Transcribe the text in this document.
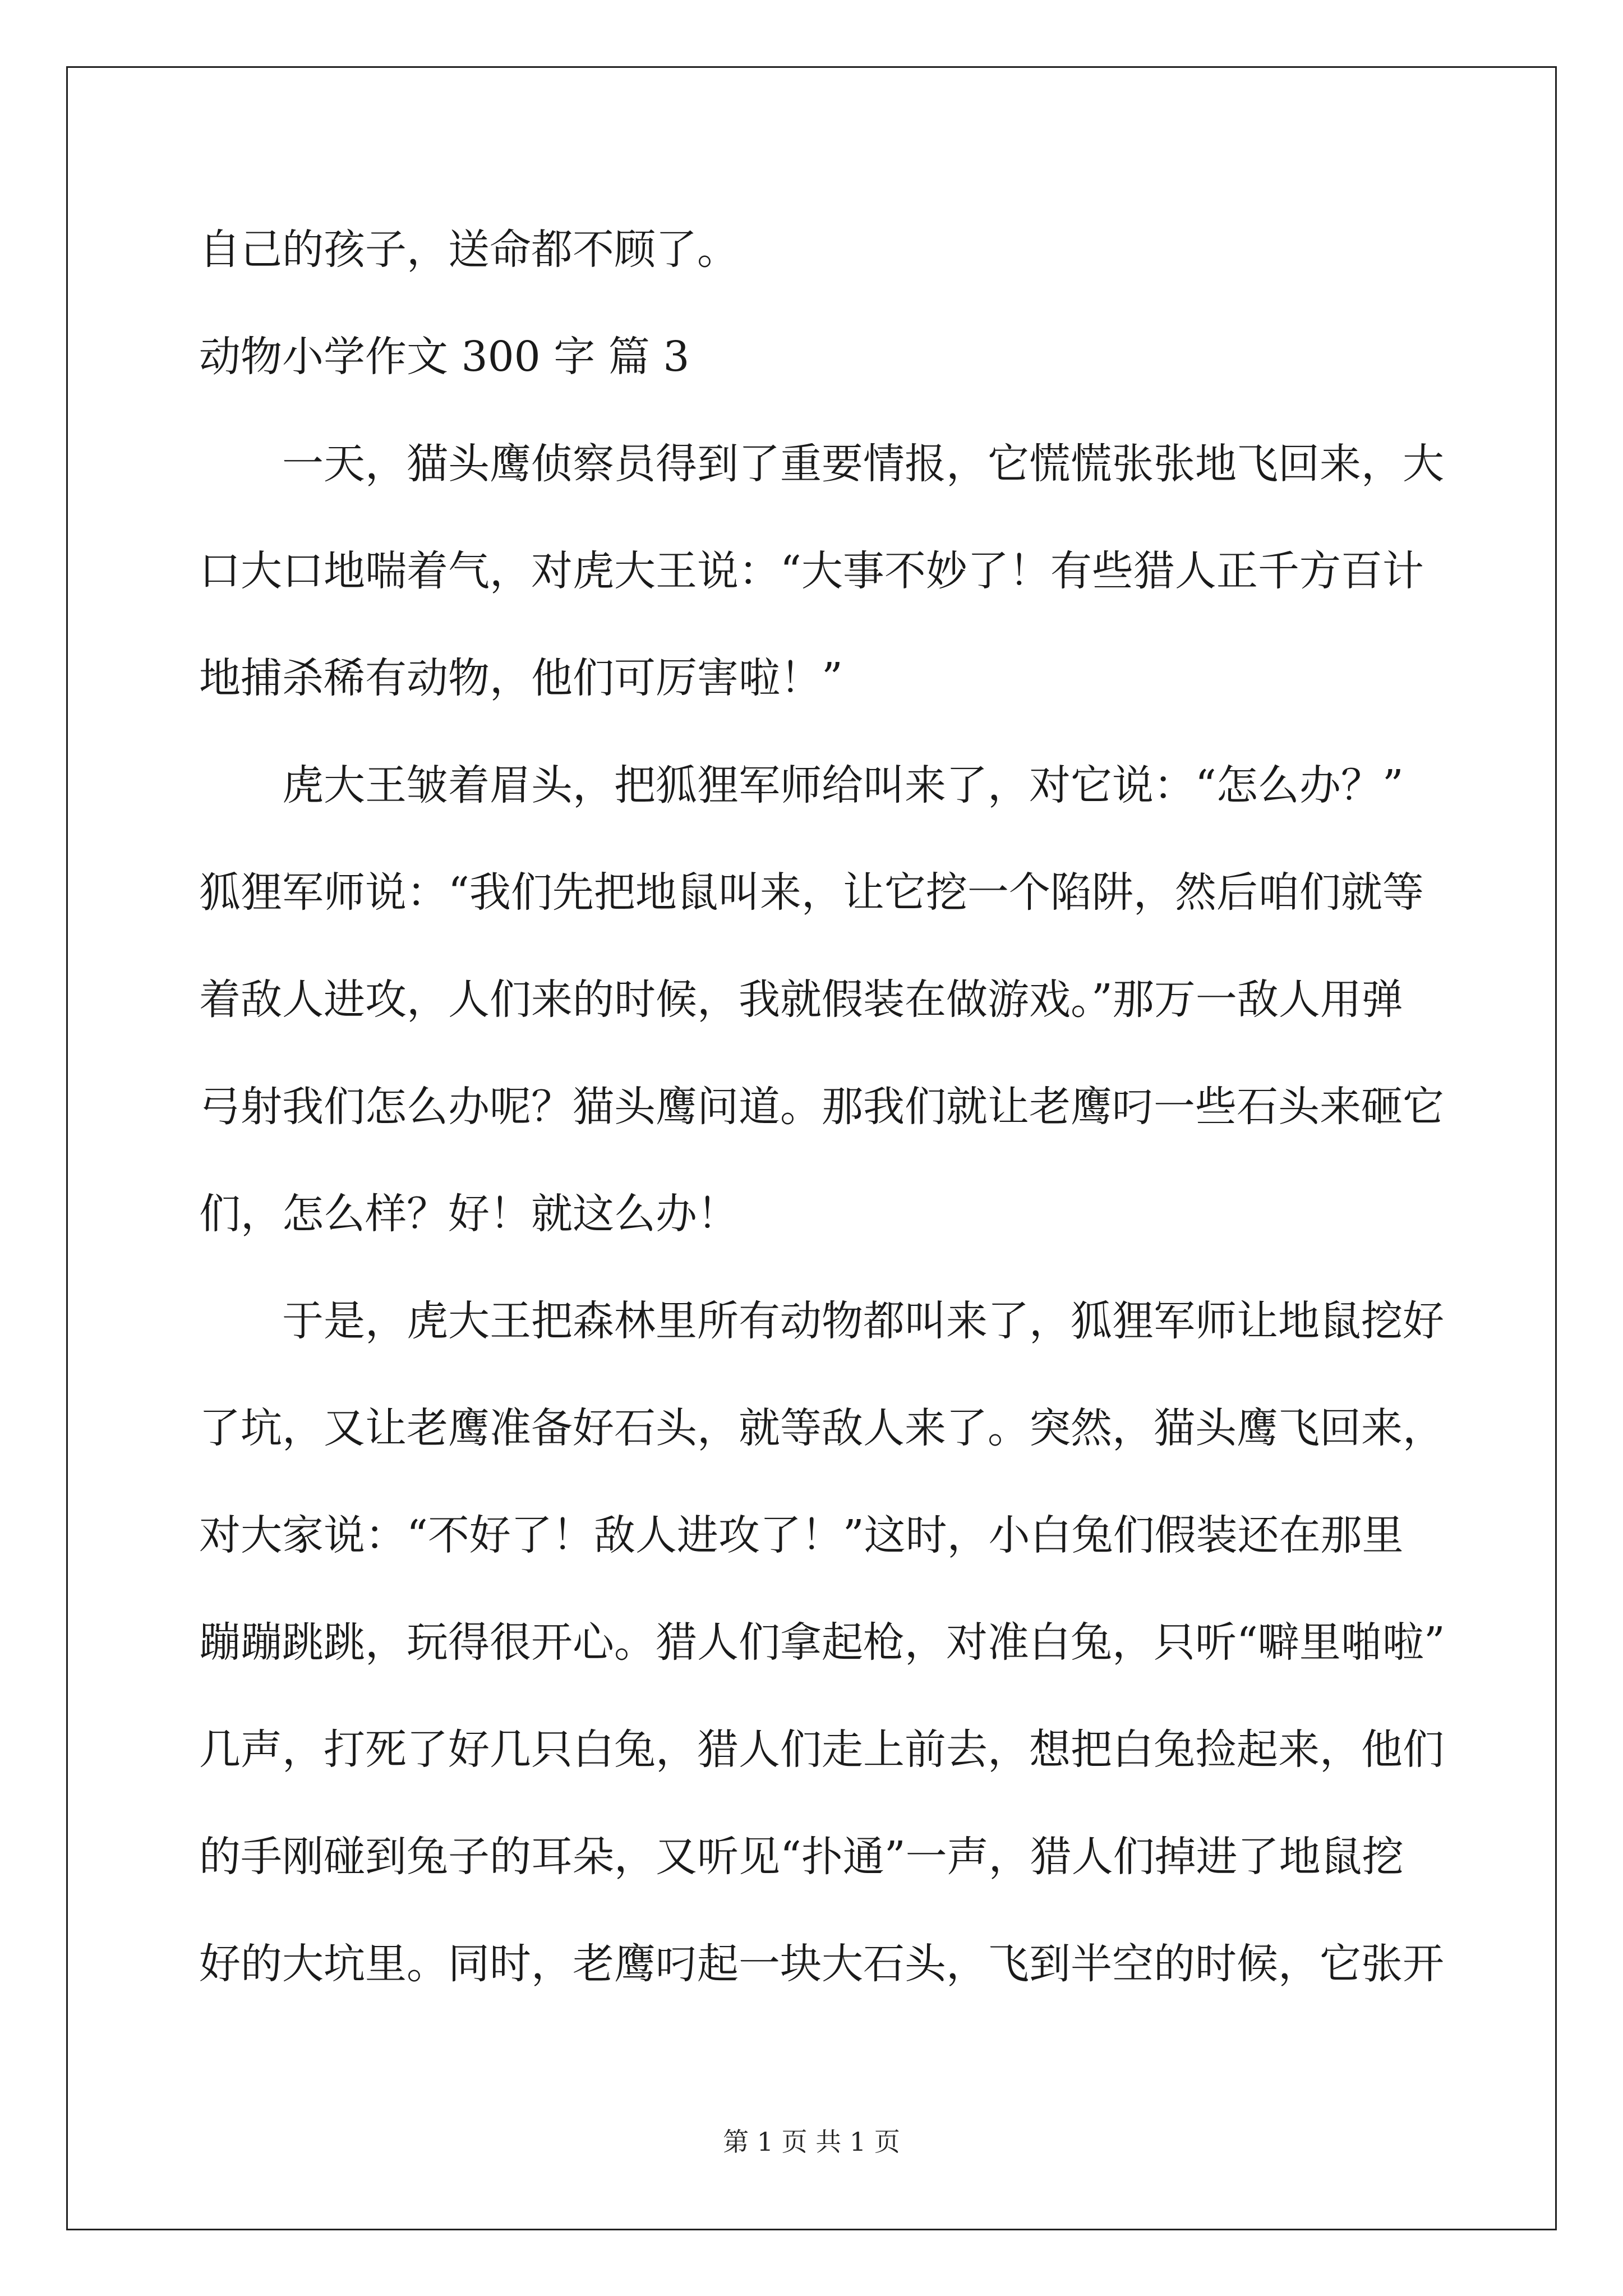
自己的孩子，送命都不顾了。
动物小学作文 300 字 篇 3
一天，猫头鹰侦察员得到了重要情报，它慌慌张张地飞回来，大
口大口地喘着气，对虎大王说：“大事不妙了！有些猎人正千方百计
地捕杀稀有动物，他们可厉害啦！”
虎大王皱着眉头，把狐狸军师给叫来了，对它说：“怎么办？”
狐狸军师说：“我们先把地鼠叫来，让它挖一个陷阱，然后咱们就等
着敌人进攻，人们来的时候，我就假装在做游戏。”那万一敌人用弹
弓射我们怎么办呢？猫头鹰问道。那我们就让老鹰叼一些石头来砸它
们，怎么样？好！就这么办！
于是，虎大王把森林里所有动物都叫来了，狐狸军师让地鼠挖好
了坑，又让老鹰准备好石头，就等敌人来了。突然，猫头鹰飞回来，
对大家说：“不好了！敌人进攻了！”这时，小白兔们假装还在那里
蹦蹦跳跳，玩得很开心。猎人们拿起枪，对准白兔，只听“噼里啪啦”
几声，打死了好几只白兔，猎人们走上前去，想把白兔捡起来，他们
的手刚碰到兔子的耳朵，又听见“扑通”一声，猎人们掉进了地鼠挖
好的大坑里。同时，老鹰叼起一块大石头，飞到半空的时候，它张开
第 1 页 共 1 页
